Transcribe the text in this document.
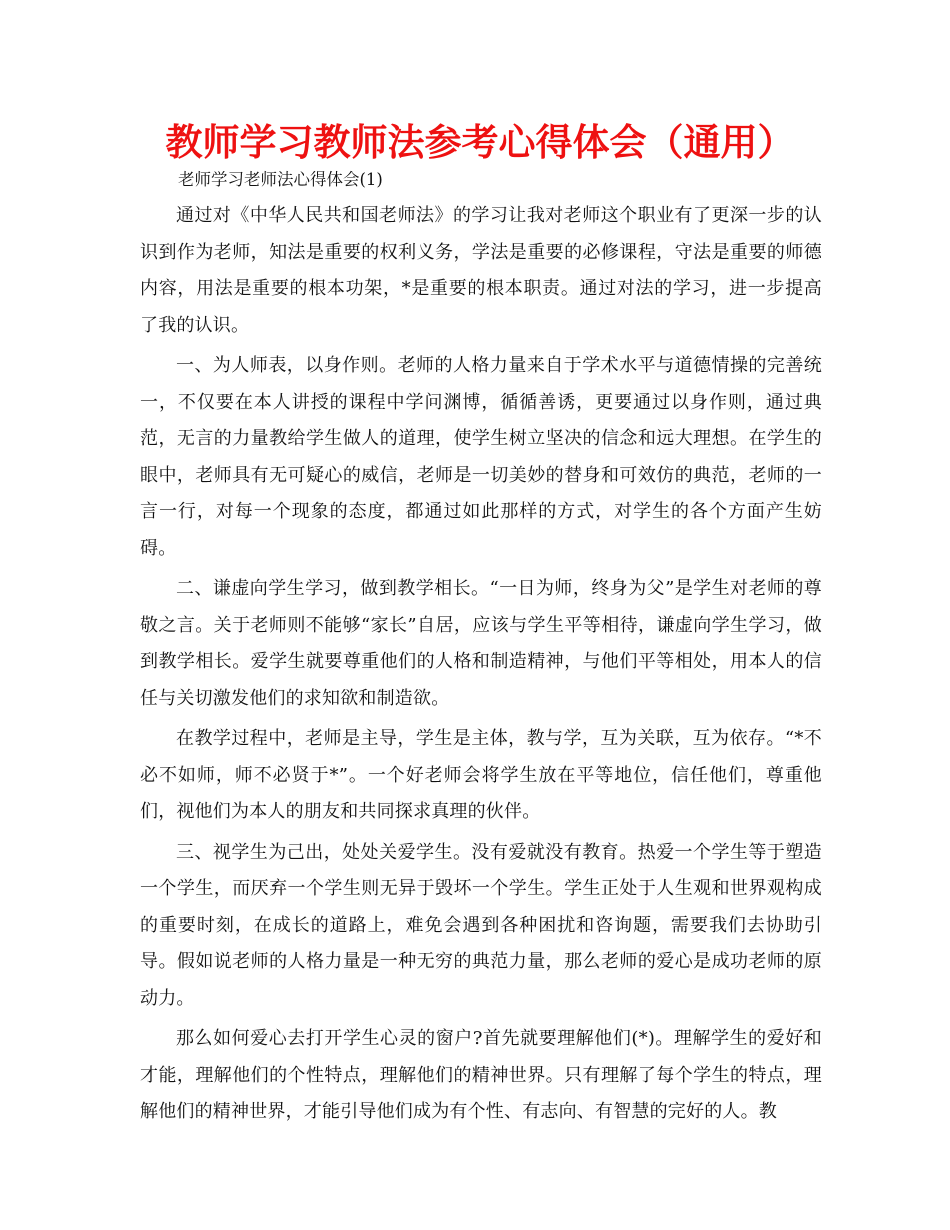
教师学习教师法参考心得体会（通用）

老师学习老师法心得体会(1)

通过对《中华人民共和国老师法》的学习让我对老师这个职业有了更深一步的认识到作为老师，知法是重要的权利义务，学法是重要的必修课程，守法是重要的师德内容，用法是重要的根本功架，*是重要的根本职责。通过对法的学习，进一步提高了我的认识。

一、为人师表，以身作则。老师的人格力量来自于学术水平与道德情操的完善统一，不仅要在本人讲授的课程中学问渊博，循循善诱，更要通过以身作则，通过典范，无言的力量教给学生做人的道理，使学生树立坚决的信念和远大理想。在学生的眼中，老师具有无可疑心的威信，老师是一切美妙的替身和可效仿的典范，老师的一言一行，对每一个现象的态度，都通过如此那样的方式，对学生的各个方面产生妨碍。

二、谦虚向学生学习，做到教学相长。“一日为师，终身为父”是学生对老师的尊敬之言。关于老师则不能够“家长”自居，应该与学生平等相待，谦虚向学生学习，做到教学相长。爱学生就要尊重他们的人格和制造精神，与他们平等相处，用本人的信任与关切激发他们的求知欲和制造欲。

在教学过程中，老师是主导，学生是主体，教与学，互为关联，互为依存。“*不必不如师，师不必贤于*”。一个好老师会将学生放在平等地位，信任他们，尊重他们，视他们为本人的朋友和共同探求真理的伙伴。

三、视学生为己出，处处关爱学生。没有爱就没有教育。热爱一个学生等于塑造一个学生，而厌弃一个学生则无异于毁坏一个学生。学生正处于人生观和世界观构成的重要时刻，在成长的道路上，难免会遇到各种困扰和咨询题，需要我们去协助引导。假如说老师的人格力量是一种无穷的典范力量，那么老师的爱心是成功老师的原动力。

那么如何爱心去打开学生心灵的窗户?首先就要理解他们(*)。理解学生的爱好和才能，理解他们的个性特点，理解他们的精神世界。只有理解了每个学生的特点，理解他们的精神世界，才能引导他们成为有个性、有志向、有智慧的完好的人。教
